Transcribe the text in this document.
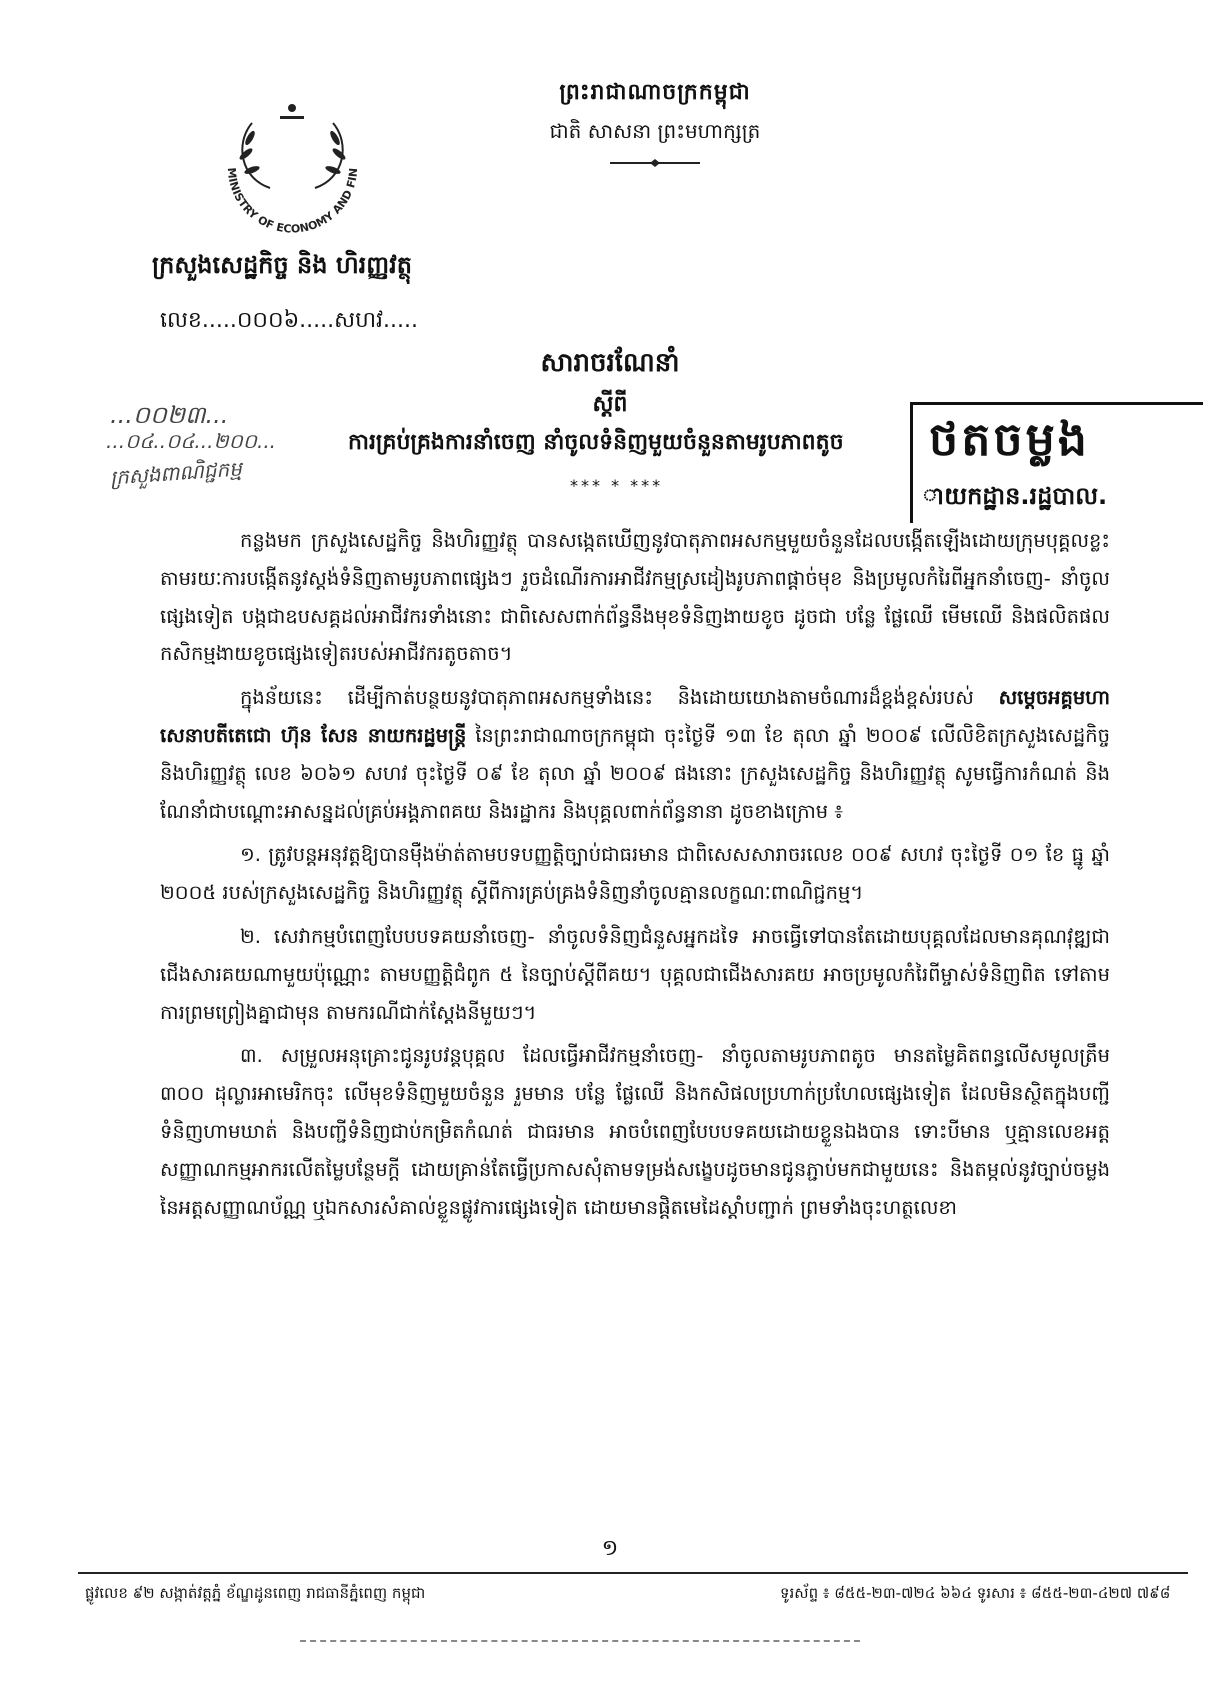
MINISTRY OF ECONOMY AND FIN
ក្រសួងសេដ្ឋកិច្ច និង ហិរញ្ញវត្ថុ
លេខ.....០០០៦.....សហវ.....
ព្រះរាជាណាចក្រកម្ពុជា
ជាតិ សាសនា ព្រះមហាក្សត្រ
...០០២៣...
...០៤..០៤...២០០...
ក្រសួងពាណិជ្ជកម្ម
សារាចរណែនាំ
ស្តីពី
ការគ្រប់គ្រងការនាំចេញ នាំចូលទំនិញមួយចំនួនតាមរូបភាពតូច
*** * ***
ថតចម្លង
ាយកដ្ឋាន.រដ្ឋបាល.

កន្លងមក ក្រសួងសេដ្ឋកិច្ច និងហិរញ្ញវត្ថុ បានសង្កេតឃើញនូវបាតុភាពអសកម្មមួយចំនួនដែលបង្កើតឡើងដោយក្រុមបុគ្គលខ្លះ តាមរយៈការបង្កើតនូវស្តង់ទំនិញតាមរូបភាពផ្សេងៗ រួចដំណើរការអាជីវកម្មស្រដៀងរូបភាពផ្តាច់មុខ និងប្រមូលកំរៃពីអ្នកនាំចេញ- នាំចូលផ្សេងទៀត បង្កជាឧបសគ្គដល់អាជីវករទាំងនោះ ជាពិសេសពាក់ព័ន្ធនឹងមុខទំនិញងាយខូច ដូចជា បន្លែ ផ្លែឈើ មើមឈើ និងផលិតផលកសិកម្មងាយខូចផ្សេងទៀតរបស់អាជីវករតូចតាច។

ក្នុងន័យនេះ ដើម្បីកាត់បន្ថយនូវបាតុភាពអសកម្មទាំងនេះ និងដោយយោងតាមចំណារដ៏ខ្ពង់ខ្ពស់របស់ សម្តេចអគ្គមហាសេនាបតីតេជោ ហ៊ុន សែន នាយករដ្ឋមន្ត្រី នៃព្រះរាជាណាចក្រកម្ពុជា ចុះថ្ងៃទី ១៣ ខែ តុលា ឆ្នាំ ២០០៩ លើលិខិតក្រសួងសេដ្ឋកិច្ច និងហិរញ្ញវត្ថុ លេខ ៦០៦១ សហវ ចុះថ្ងៃទី ០៩ ខែ តុលា ឆ្នាំ ២០០៩ ផងនោះ ក្រសួងសេដ្ឋកិច្ច និងហិរញ្ញវត្ថុ សូមធ្វើការកំណត់ និងណែនាំជាបណ្តោះអាសន្នដល់គ្រប់អង្គភាពគយ និងរដ្ឋាករ និងបុគ្គលពាក់ព័ន្ធនានា ដូចខាងក្រោម ៖

១. ត្រូវបន្តអនុវត្តឱ្យបានម៉ឺងម៉ាត់តាមបទបញ្ញត្តិច្បាប់ជាធរមាន ជាពិសេសសារាចរលេខ ០០៩ សហវ ចុះថ្ងៃទី ០១ ខែ ធ្នូ ឆ្នាំ ២០០៥ របស់ក្រសួងសេដ្ឋកិច្ច និងហិរញ្ញវត្ថុ ស្តីពីការគ្រប់គ្រងទំនិញនាំចូលគ្មានលក្ខណៈពាណិជ្ជកម្ម។

២. សេវាកម្មបំពេញបែបបទគយនាំចេញ- នាំចូលទំនិញជំនួសអ្នកដទៃ អាចធ្វើទៅបានតែដោយបុគ្គលដែលមានគុណវុឌ្ឍជាជើងសារគយណាមួយប៉ុណ្ណោះ តាមបញ្ញត្តិជំពូក ៥ នៃច្បាប់ស្តីពីគយ។ បុគ្គលជាជើងសារគយ អាចប្រមូលកំរៃពីម្ចាស់ទំនិញពិត ទៅតាមការព្រមព្រៀងគ្នាជាមុន តាមករណីជាក់ស្តែងនីមួយៗ។

៣. សម្រួលអនុគ្រោះជូនរូបវន្តបុគ្គល ដែលធ្វើអាជីវកម្មនាំចេញ- នាំចូលតាមរូបភាពតូច មានតម្លៃគិតពន្ធលើសមូលត្រឹម ៣០០ ដុល្លារអាមេរិកចុះ លើមុខទំនិញមួយចំនួន រួមមាន បន្លែ ផ្លែឈើ និងកសិផលប្រហាក់ប្រហែលផ្សេងទៀត ដែលមិនស្ថិតក្នុងបញ្ជីទំនិញហាមឃាត់ និងបញ្ជីទំនិញជាប់កម្រិតកំណត់ ជាធរមាន អាចបំពេញបែបបទគយដោយខ្លួនឯងបាន ទោះបីមាន ឬគ្មានលេខអត្តសញ្ញាណកម្មអាករលើតម្លៃបន្ថែមក្តី ដោយគ្រាន់តែធ្វើប្រកាសសុំតាមទម្រង់សង្ខេបដូចមានជូនភ្ជាប់មកជាមួយនេះ និងតម្កល់នូវច្បាប់ចម្លងនៃអត្តសញ្ញាណប័ណ្ណ ឬឯកសារសំគាល់ខ្លួនផ្លូវការផ្សេងទៀត ដោយមានផ្តិតមេដៃស្តាំបញ្ជាក់ ព្រមទាំងចុះហត្ថលេខា

១
ផ្លូវលេខ ៩២ សង្កាត់វត្តភ្នំ ខ័ណ្ឌដូនពេញ រាជធានីភ្នំពេញ កម្ពុជា	ទូរស័ព្ទ ៖ ៨៥៥-២៣-៧២៤ ៦៦៤ ទូរសារ ៖ ៨៥៥-២៣-៤២៧ ៧៩៨
